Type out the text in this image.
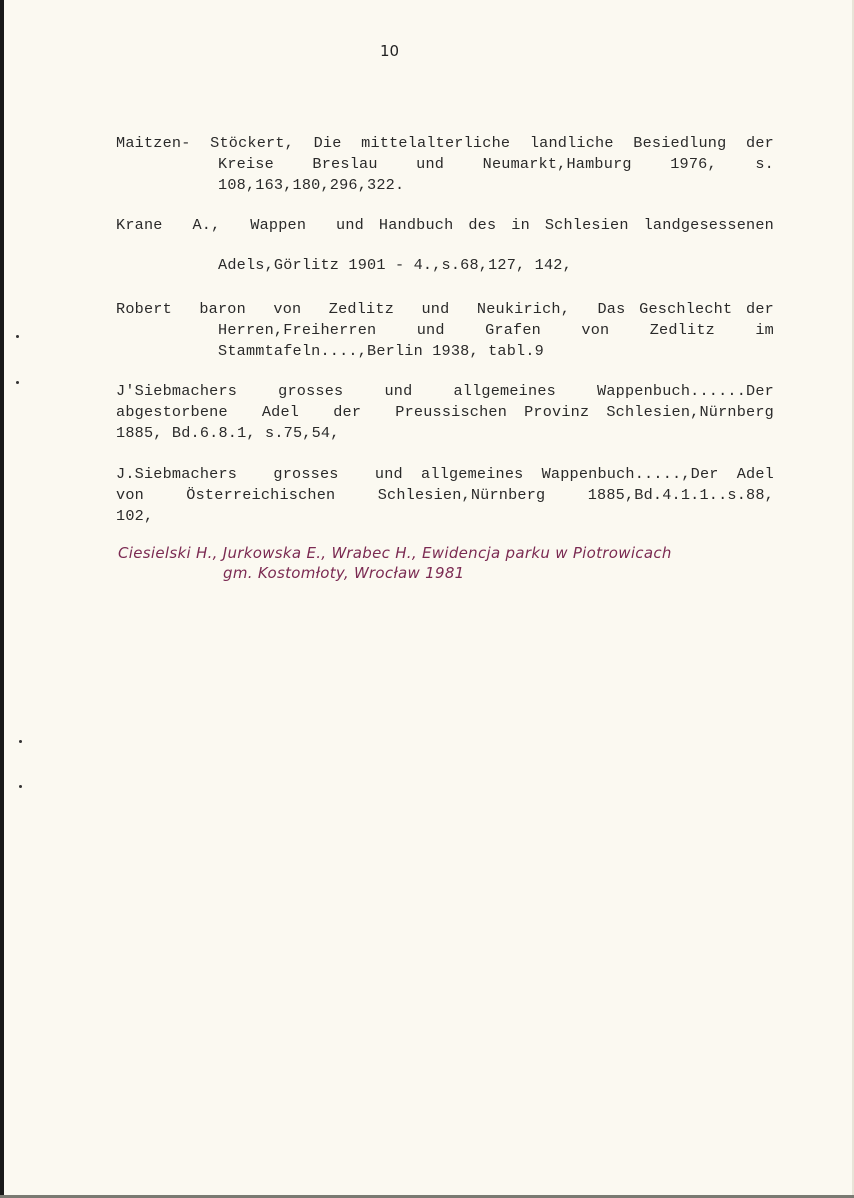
10
Maitzen- Stöckert, Die mittelalterliche landliche Besiedlung der
Kreise   Breslau   und   Neumarkt,Hamburg   1976,   s.
108,163,180,296,322.
Krane  A.,  Wappen  und Handbuch des in Schlesien landgesessenen
Adels,Görlitz 1901 - 4.,s.68,127, 142,
Robert  baron  von  Zedlitz  und  Neukirich,  Das Geschlecht der
Herren,Freiherren   und   Grafen   von   Zedlitz   im
Stammtafeln....,Berlin 1938, tabl.9
J'Siebmachers  grosses  und  allgemeines  Wappenbuch......Der
abgestorbene  Adel  der  Preussischen Provinz Schlesien,Nürnberg
1885, Bd.6.8.1, s.75,54,
J.Siebmachers  grosses  und allgemeines Wappenbuch.....,Der Adel
von  Österreichischen  Schlesien,Nürnberg  1885,Bd.4.1.1..s.88,
102,
Ciesielski H., Jurkowska E., Wrabec H., Ewidencja parku w Piotrowicach
gm. Kostomłoty, Wrocław 1981
